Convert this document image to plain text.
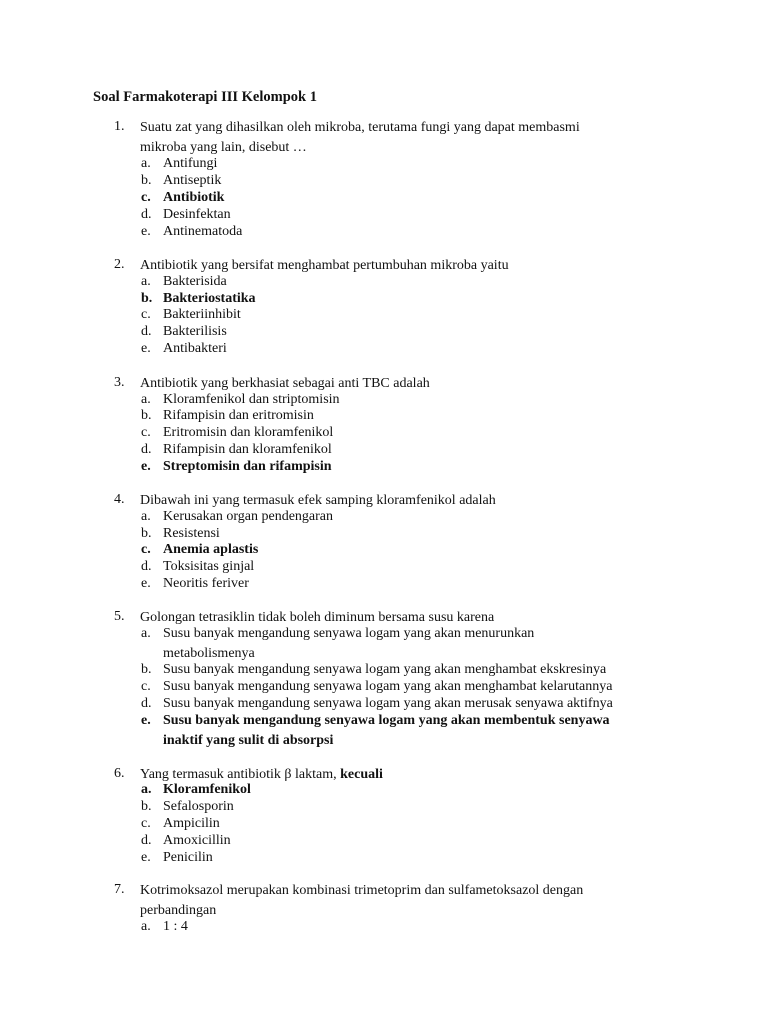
Soal Farmakoterapi III Kelompok 1
1. Suatu zat yang dihasilkan oleh mikroba, terutama fungi yang dapat membasmi
mikroba yang lain, disebut …
a. Antifungi
b. Antiseptik
c. Antibiotik
d. Desinfektan
e. Antinematoda
2. Antibiotik yang bersifat menghambat pertumbuhan mikroba yaitu
a. Bakterisida
b. Bakteriostatika
c. Bakteriinhibit
d. Bakterilisis
e. Antibakteri
3. Antibiotik yang berkhasiat sebagai anti TBC adalah
a. Kloramfenikol dan striptomisin
b. Rifampisin dan eritromisin
c. Eritromisin dan kloramfenikol
d. Rifampisin dan kloramfenikol
e. Streptomisin dan rifampisin
4. Dibawah ini yang termasuk efek samping kloramfenikol adalah
a. Kerusakan organ pendengaran
b. Resistensi
c. Anemia aplastis
d. Toksisitas ginjal
e. Neoritis feriver
5. Golongan tetrasiklin tidak boleh diminum bersama susu karena
a. Susu banyak mengandung senyawa logam yang akan menurunkan
metabolismenya
b. Susu banyak mengandung senyawa logam yang akan menghambat ekskresinya
c. Susu banyak mengandung senyawa logam yang akan menghambat kelarutannya
d. Susu banyak mengandung senyawa logam yang akan merusak senyawa aktifnya
e. Susu banyak mengandung senyawa logam yang akan membentuk senyawa
inaktif yang sulit di absorpsi
6. Yang termasuk antibiotik β laktam, kecuali
a. Kloramfenikol
b. Sefalosporin
c. Ampicilin
d. Amoxicillin
e. Penicilin
7. Kotrimoksazol merupakan kombinasi trimetoprim dan sulfametoksazol dengan
perbandingan
a. 1 : 4
